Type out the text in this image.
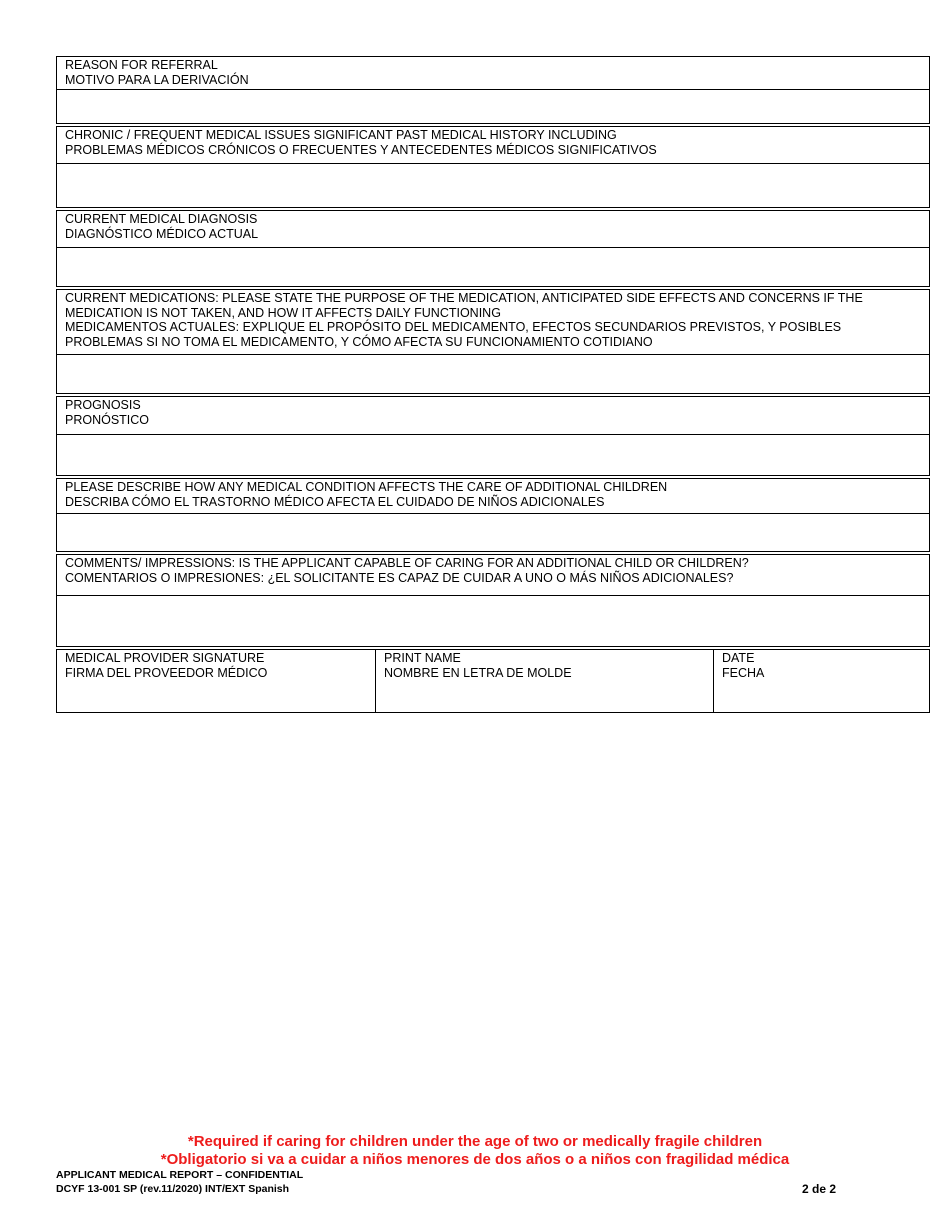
REASON FOR REFERRAL
MOTIVO PARA LA DERIVACIÓN
CHRONIC / FREQUENT MEDICAL ISSUES SIGNIFICANT PAST MEDICAL HISTORY INCLUDING
PROBLEMAS MÉDICOS CRÓNICOS O FRECUENTES Y ANTECEDENTES MÉDICOS SIGNIFICATIVOS
CURRENT MEDICAL DIAGNOSIS
DIAGNÓSTICO MÉDICO ACTUAL
CURRENT MEDICATIONS: PLEASE STATE THE PURPOSE OF THE MEDICATION, ANTICIPATED SIDE EFFECTS AND CONCERNS IF THE MEDICATION IS NOT TAKEN, AND HOW IT AFFECTS DAILY FUNCTIONING
MEDICAMENTOS ACTUALES: EXPLIQUE EL PROPÓSITO DEL MEDICAMENTO, EFECTOS SECUNDARIOS PREVISTOS, Y POSIBLES PROBLEMAS SI NO TOMA EL MEDICAMENTO, Y CÓMO AFECTA SU FUNCIONAMIENTO COTIDIANO
PROGNOSIS
PRONÓSTICO
PLEASE DESCRIBE HOW ANY MEDICAL CONDITION AFFECTS THE CARE OF ADDITIONAL CHILDREN
DESCRIBA CÓMO EL TRASTORNO MÉDICO AFECTA EL CUIDADO DE NIÑOS ADICIONALES
COMMENTS/ IMPRESSIONS: IS THE APPLICANT CAPABLE OF CARING FOR AN ADDITIONAL CHILD OR CHILDREN?
COMENTARIOS O IMPRESIONES: ¿EL SOLICITANTE ES CAPAZ DE CUIDAR A UNO O MÁS NIÑOS ADICIONALES?
MEDICAL PROVIDER SIGNATURE
FIRMA DEL PROVEEDOR MÉDICO
PRINT NAME
NOMBRE EN LETRA DE MOLDE
DATE
FECHA
*Required if caring for children under the age of two or medically fragile children
*Obligatorio si va a cuidar a niños menores de dos años o a niños con fragilidad médica
APPLICANT MEDICAL REPORT – CONFIDENTIAL
DCYF 13-001 SP (rev.11/2020) INT/EXT Spanish	2 de 2
